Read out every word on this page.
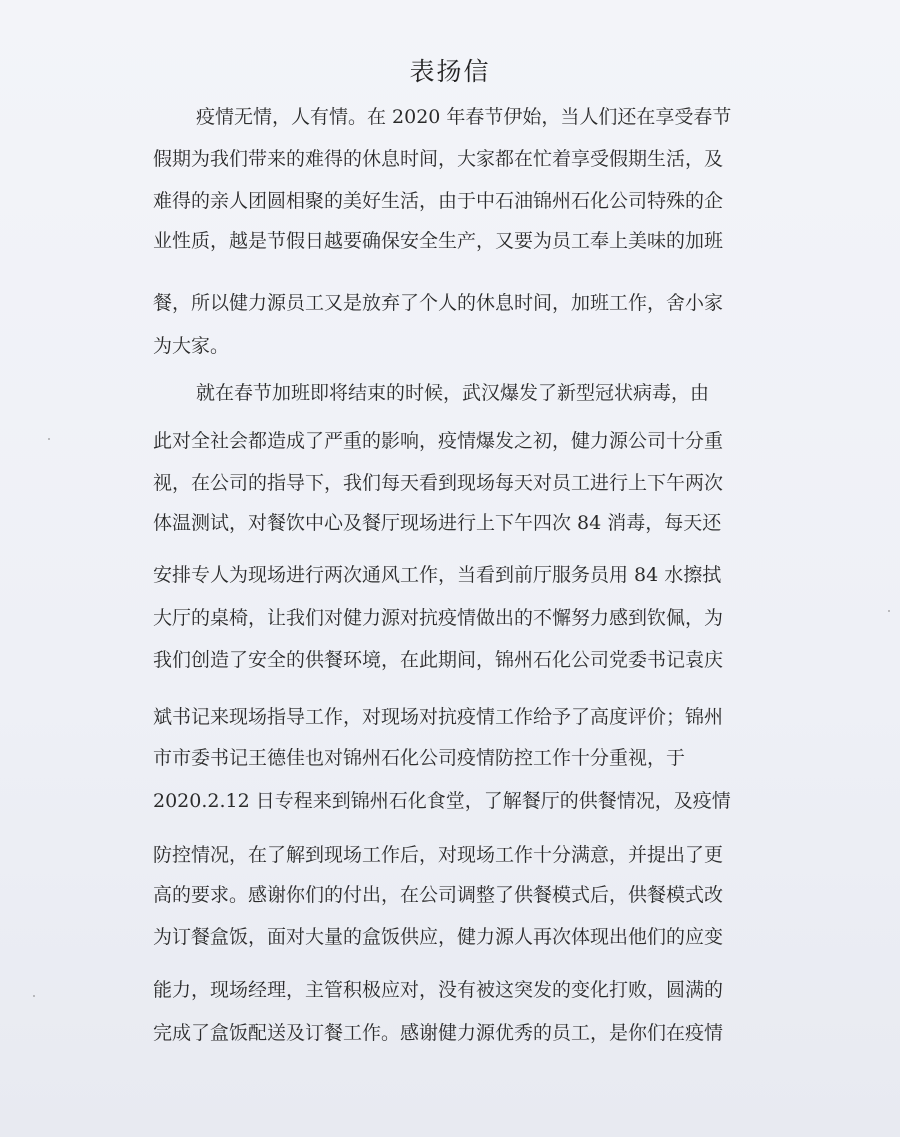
表扬信
疫情无情，人有情。在 2020 年春节伊始，当人们还在享受春节
假期为我们带来的难得的休息时间，大家都在忙着享受假期生活，及
难得的亲人团圆相聚的美好生活，由于中石油锦州石化公司特殊的企
业性质，越是节假日越要确保安全生产，又要为员工奉上美味的加班
餐，所以健力源员工又是放弃了个人的休息时间，加班工作，舍小家
为大家。
就在春节加班即将结束的时候，武汉爆发了新型冠状病毒，由
此对全社会都造成了严重的影响，疫情爆发之初，健力源公司十分重
视，在公司的指导下，我们每天看到现场每天对员工进行上下午两次
体温测试，对餐饮中心及餐厅现场进行上下午四次 84 消毒，每天还
安排专人为现场进行两次通风工作，当看到前厅服务员用 84 水擦拭
大厅的桌椅，让我们对健力源对抗疫情做出的不懈努力感到钦佩，为
我们创造了安全的供餐环境，在此期间，锦州石化公司党委书记袁庆
斌书记来现场指导工作，对现场对抗疫情工作给予了高度评价；锦州
市市委书记王德佳也对锦州石化公司疫情防控工作十分重视，于
2020.2.12 日专程来到锦州石化食堂，了解餐厅的供餐情况，及疫情
防控情况，在了解到现场工作后，对现场工作十分满意，并提出了更
高的要求。感谢你们的付出，在公司调整了供餐模式后，供餐模式改
为订餐盒饭，面对大量的盒饭供应，健力源人再次体现出他们的应变
能力，现场经理，主管积极应对，没有被这突发的变化打败，圆满的
完成了盒饭配送及订餐工作。感谢健力源优秀的员工，是你们在疫情
